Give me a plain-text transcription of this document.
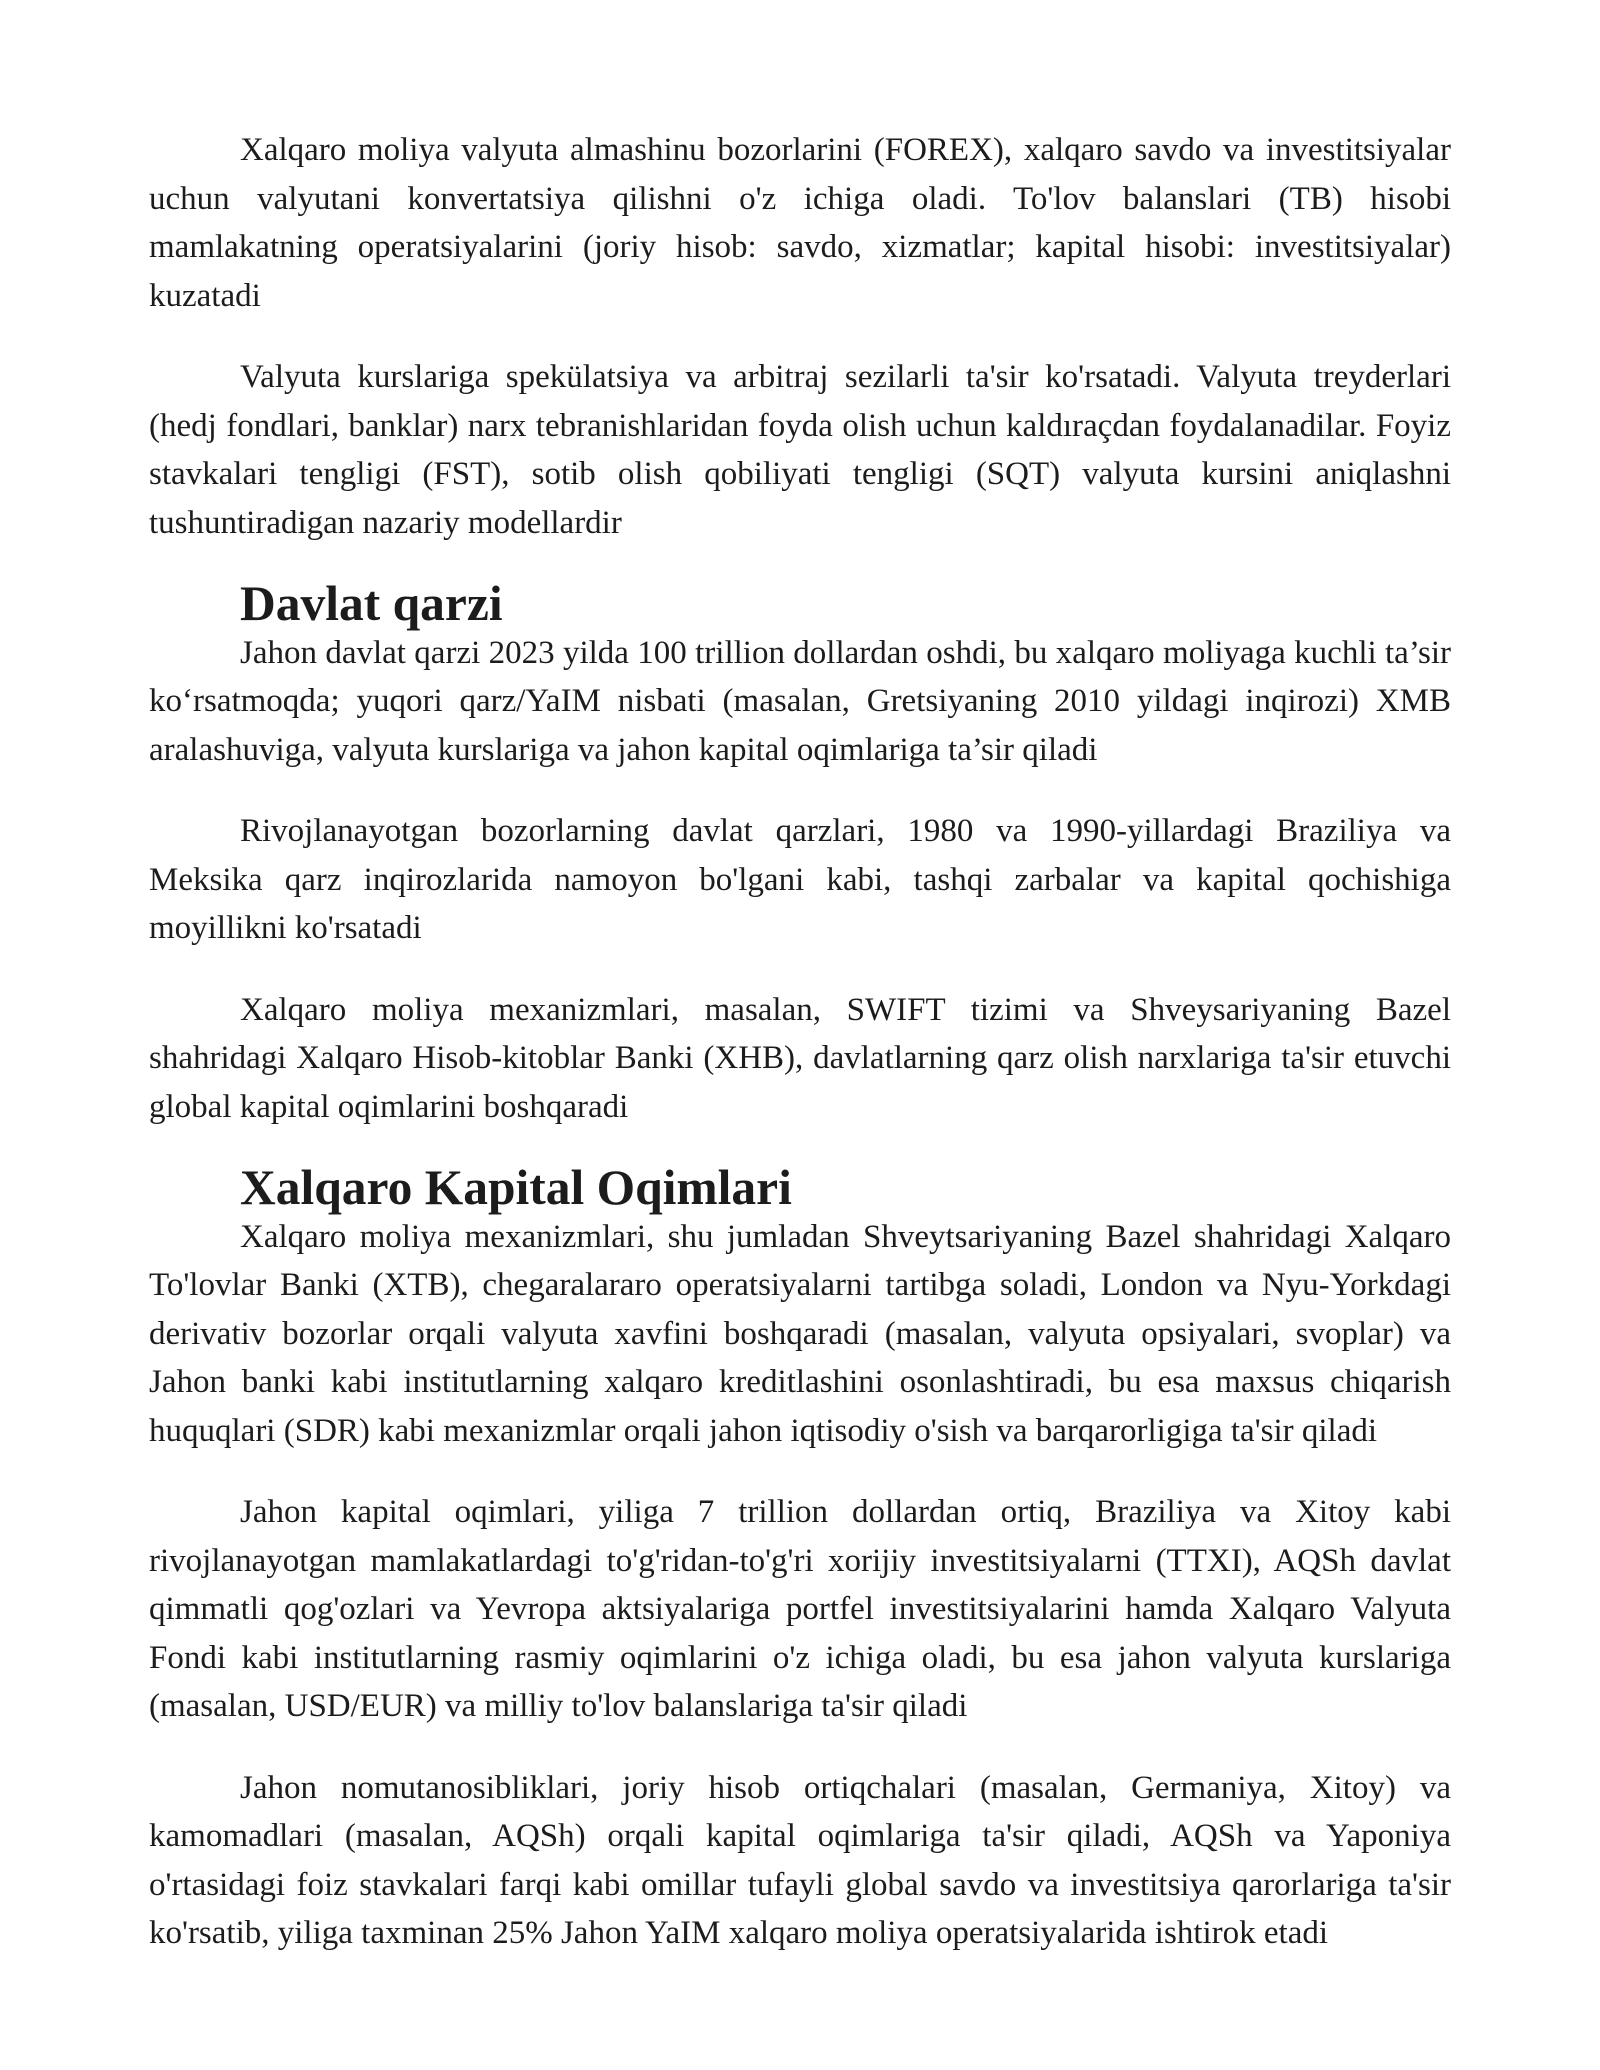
Xalqaro moliya valyuta almashinu bozorlarini (FOREX), xalqaro savdo va investitsiyalar uchun valyutani konvertatsiya qilishni o'z ichiga oladi. To'lov balanslari (TB) hisobi mamlakatning operatsiyalarini (joriy hisob: savdo, xizmatlar; kapital hisobi: investitsiyalar) kuzatadi

Valyuta kurslariga spekülatsiya va arbitraj sezilarli ta'sir ko'rsatadi. Valyuta treyderlari (hedj fondlari, banklar) narx tebranishlaridan foyda olish uchun kaldıraçdan foydalanadilar. Foyiz stavkalari tengligi (FST), sotib olish qobiliyati tengligi (SQT) valyuta kursini aniqlashni tushuntiradigan nazariy modellardir

Davlat qarzi

Jahon davlat qarzi 2023 yilda 100 trillion dollardan oshdi, bu xalqaro moliyaga kuchli ta’sir ko‘rsatmoqda; yuqori qarz/YaIM nisbati (masalan, Gretsiyaning 2010 yildagi inqirozi) XMB aralashuviga, valyuta kurslariga va jahon kapital oqimlariga ta’sir qiladi

Rivojlanayotgan bozorlarning davlat qarzlari, 1980 va 1990-yillardagi Braziliya va Meksika qarz inqirozlarida namoyon bo'lgani kabi, tashqi zarbalar va kapital qochishiga moyillikni ko'rsatadi

Xalqaro moliya mexanizmlari, masalan, SWIFT tizimi va Shveysariyaning Bazel shahridagi Xalqaro Hisob-kitoblar Banki (XHB), davlatlarning qarz olish narxlariga ta'sir etuvchi global kapital oqimlarini boshqaradi

Xalqaro Kapital Oqimlari

Xalqaro moliya mexanizmlari, shu jumladan Shveytsariyaning Bazel shahridagi Xalqaro To'lovlar Banki (XTB), chegaralararo operatsiyalarni tartibga soladi, London va Nyu-Yorkdagi derivativ bozorlar orqali valyuta xavfini boshqaradi (masalan, valyuta opsiyalari, svoplar) va Jahon banki kabi institutlarning xalqaro kreditlashini osonlashtiradi, bu esa maxsus chiqarish huquqlari (SDR) kabi mexanizmlar orqali jahon iqtisodiy o'sish va barqarorligiga ta'sir qiladi

Jahon kapital oqimlari, yiliga 7 trillion dollardan ortiq, Braziliya va Xitoy kabi rivojlanayotgan mamlakatlardagi to'g'ridan-to'g'ri xorijiy investitsiyalarni (TTXI), AQSh davlat qimmatli qog'ozlari va Yevropa aktsiyalariga portfel investitsiyalarini hamda Xalqaro Valyuta Fondi kabi institutlarning rasmiy oqimlarini o'z ichiga oladi, bu esa jahon valyuta kurslariga (masalan, USD/EUR) va milliy to'lov balanslariga ta'sir qiladi

Jahon nomutanosibliklari, joriy hisob ortiqchalari (masalan, Germaniya, Xitoy) va kamomadlari (masalan, AQSh) orqali kapital oqimlariga ta'sir qiladi, AQSh va Yaponiya o'rtasidagi foiz stavkalari farqi kabi omillar tufayli global savdo va investitsiya qarorlariga ta'sir ko'rsatib, yiliga taxminan 25% Jahon YaIM xalqaro moliya operatsiyalarida ishtirok etadi
